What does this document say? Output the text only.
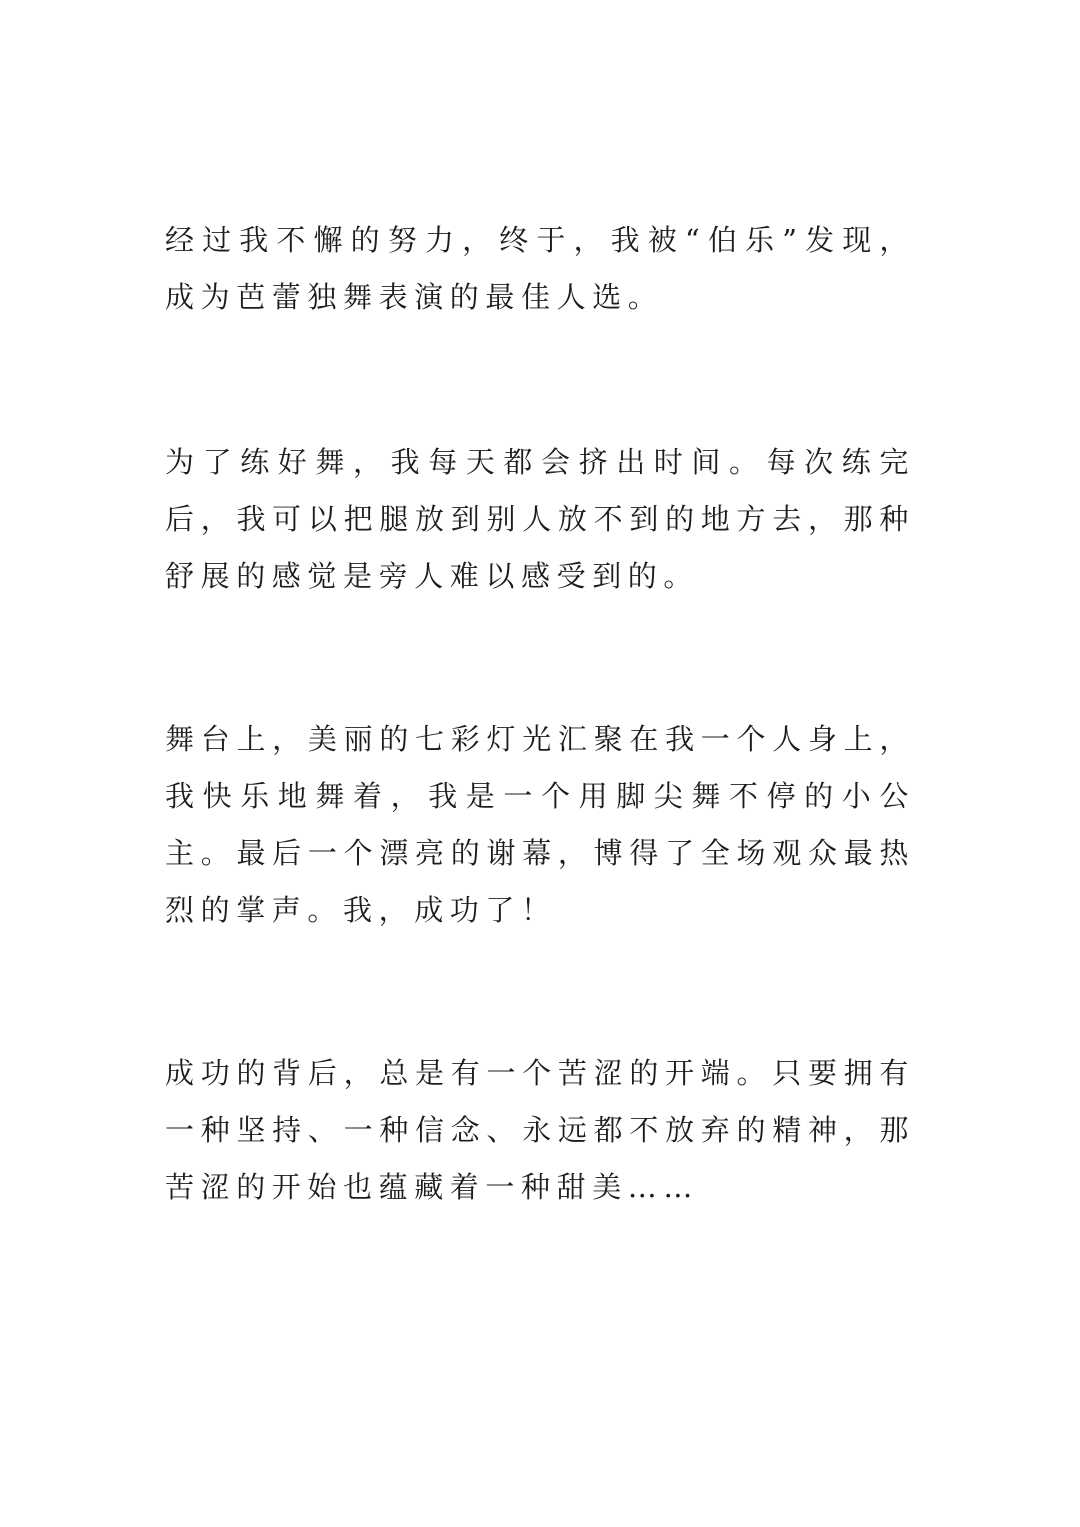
经过我不懈的努力，终于，我被“伯乐”发现，成为芭蕾独舞表演的最佳人选。

为了练好舞，我每天都会挤出时间。每次练完后，我可以把腿放到别人放不到的地方去，那种舒展的感觉是旁人难以感受到的。

舞台上，美丽的七彩灯光汇聚在我一个人身上，我快乐地舞着，我是一个用脚尖舞不停的小公主。最后一个漂亮的谢幕，博得了全场观众最热烈的掌声。我，成功了！

成功的背后，总是有一个苦涩的开端。只要拥有一种坚持、一种信念、永远都不放弃的精神，那苦涩的开始也蕴藏着一种甜美……
